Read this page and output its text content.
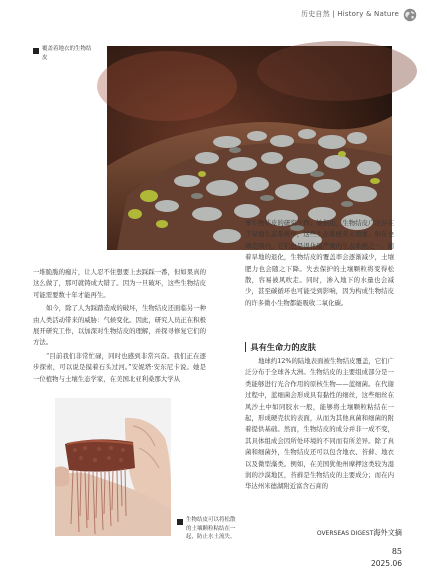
历史自然 | History & Nature
覆盖着地衣的生物结
皮

一堆脆脆的痂片，让人忍不住想要上去踩踩一番，但如果真的这么做了，那可就铸成大错了。因为一旦破坏，这些生物结皮可能需要数十年才能再生。

如今，除了人为踩踏造成的破坏，生物结皮还面临另一种由人类活动带来的威胁：气候变化。因此，研究人员正在积极展开研究工作，以加深对生物结皮的理解，并探寻修复它们的方法。

“目前我们非常忙碌，同时也感到非常兴奋。我们正在逐步探索，可以说是摸着石头过河。”安妮塔·安东尼卡说。她是一位植物与土壤生态学家，在美国北亚利桑那大学从

事生物结皮的研究工作。她指出，生物结皮广泛存在于旱地生态系统中，这些生态系统至关重要，但在全球范围内，它们也是退化最严重的生态系统之一。随着旱地的退化，生物结皮的覆盖率会逐渐减少，土壤肥力也会随之下降。失去保护的土壤颗粒将变得松散，容易被风吹走。同时，渗入地下的水量也会减少，甚至碳循环也可能受到影响，因为构成生物结皮的许多微小生物都能吸收二氧化碳。

具有生命力的皮肤

地球约12%的陆地表面被生物结皮覆盖，它们广泛分布于全球各大洲。生物结皮的主要组成部分是一类能够进行光合作用的原核生物——蓝细菌。在代谢过程中，蓝细菌会形成具有黏性的细丝，这些细丝在风沙土中如同胶水一般，能够将土壤颗粒粘结在一起，形成硬壳状的表面，从而为其他真菌和细菌的附着提供基础。然而，生物结皮的成分并非一成不变，其具体组成会因所处环境的不同而有所差异。除了真菌和细菌外，生物结皮还可以包含地衣、苔藓、地衣以及微型藻类。例如，在美国犹他州摩押这类较为湿润的沙漠地区，苔藓是生物结皮的主要成分；而在内华达州米德湖附近富含石膏的

生物结皮可以将松散
的土壤颗粒粘结在一
起，防止水土流失。	OVERSEAS DIGEST海外文摘85
2025.06
